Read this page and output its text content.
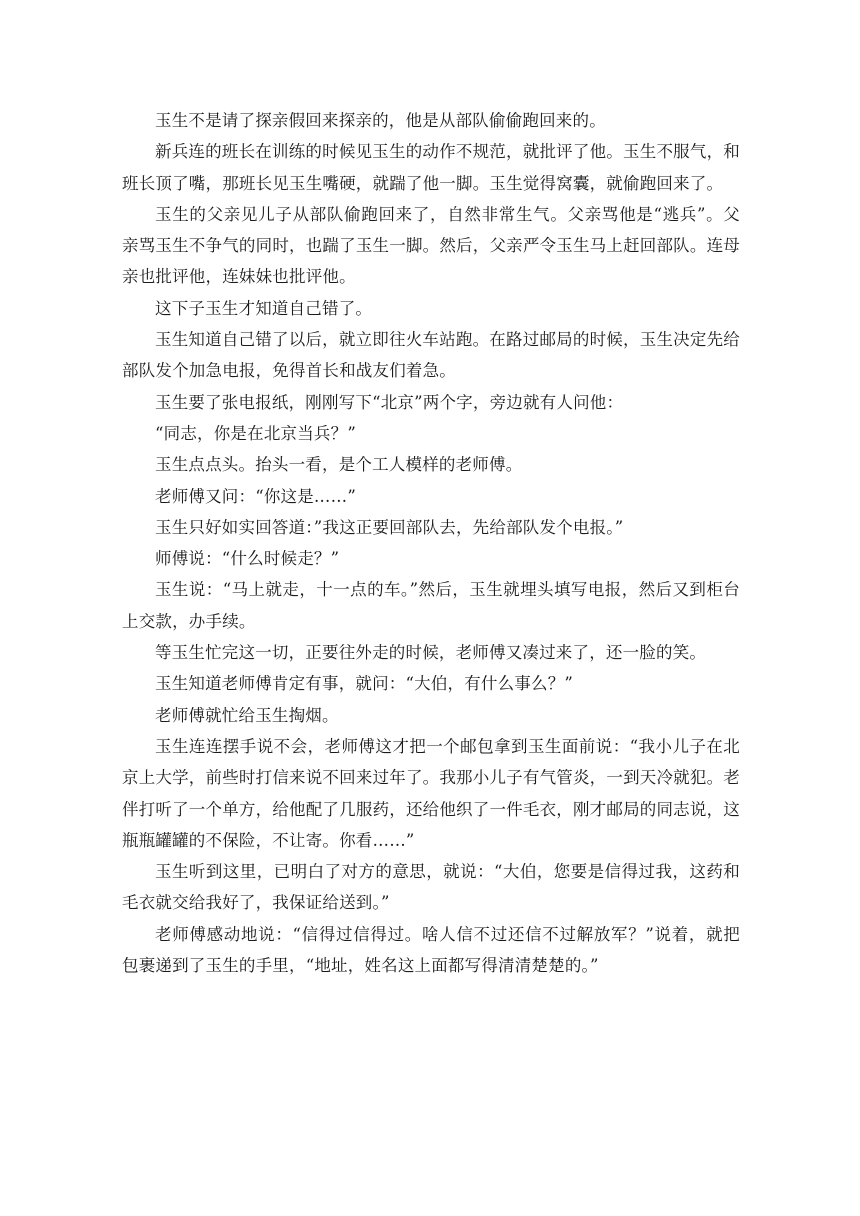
玉生不是请了探亲假回来探亲的，他是从部队偷偷跑回来的。

新兵连的班长在训练的时候见玉生的动作不规范，就批评了他。玉生不服气，和班长顶了嘴，那班长见玉生嘴硬，就踹了他一脚。玉生觉得窝囊，就偷跑回来了。

玉生的父亲见儿子从部队偷跑回来了，自然非常生气。父亲骂他是“逃兵”。父亲骂玉生不争气的同时，也踹了玉生一脚。然后，父亲严令玉生马上赶回部队。连母亲也批评他，连妹妹也批评他。

这下子玉生才知道自己错了。

玉生知道自己错了以后，就立即往火车站跑。在路过邮局的时候，玉生决定先给部队发个加急电报，免得首长和战友们着急。

玉生要了张电报纸，刚刚写下“北京”两个字，旁边就有人问他：

“同志，你是在北京当兵？”

玉生点点头。抬头一看，是个工人模样的老师傅。

老师傅又问：“你这是……”

玉生只好如实回答道：”我这正要回部队去，先给部队发个电报。”

师傅说：“什么时候走？”

玉生说：“马上就走，十一点的车。”然后，玉生就埋头填写电报，然后又到柜台上交款，办手续。

等玉生忙完这一切，正要往外走的时候，老师傅又凑过来了，还一脸的笑。

玉生知道老师傅肯定有事，就问：“大伯，有什么事么？”

老师傅就忙给玉生掏烟。

玉生连连摆手说不会，老师傅这才把一个邮包拿到玉生面前说：“我小儿子在北京上大学，前些时打信来说不回来过年了。我那小儿子有气管炎，一到天冷就犯。老伴打听了一个单方，给他配了几服药，还给他织了一件毛衣，刚才邮局的同志说，这瓶瓶罐罐的不保险，不让寄。你看……”

玉生听到这里，已明白了对方的意思，就说：“大伯，您要是信得过我，这药和毛衣就交给我好了，我保证给送到。”

老师傅感动地说：“信得过信得过。啥人信不过还信不过解放军？”说着，就把包裹递到了玉生的手里，“地址，姓名这上面都写得清清楚楚的。”
